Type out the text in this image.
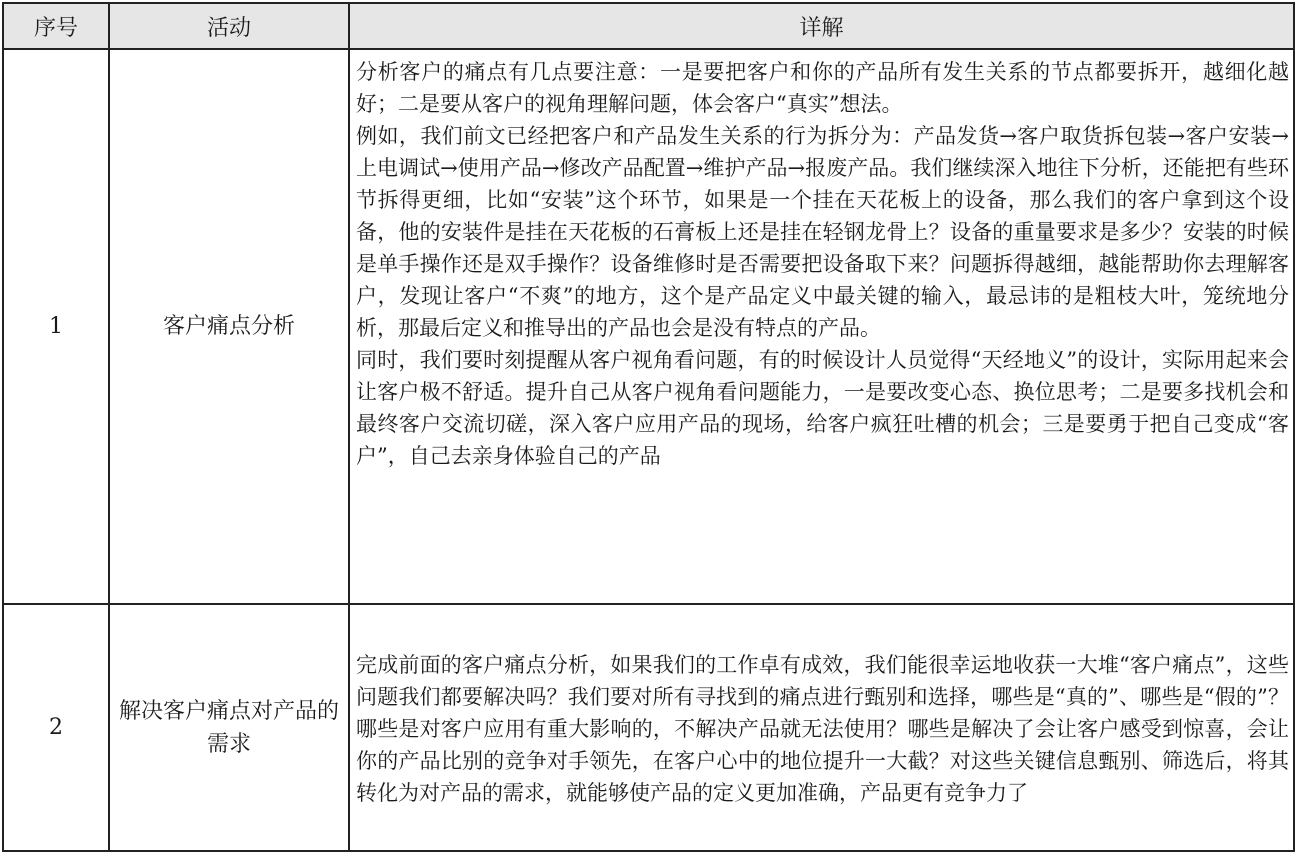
序号	活动	详解
1	客户痛点分析	分析客户的痛点有几点要注意：一是要把客户和你的产品所有发生关系的节点都要拆开，越细化越好；二是要从客户的视角理解问题，体会客户“真实”想法。

例如，我们前文已经把客户和产品发生关系的行为拆分为：产品发货→客户取货拆包装→客户安装→上电调试→使用产品→修改产品配置→维护产品→报废产品。我们继续深入地往下分析，还能把有些环节拆得更细，比如“安装”这个环节，如果是一个挂在天花板上的设备，那么我们的客户拿到这个设备，他的安装件是挂在天花板的石膏板上还是挂在轻钢龙骨上？设备的重量要求是多少？安装的时候是单手操作还是双手操作？设备维修时是否需要把设备取下来？问题拆得越细，越能帮助你去理解客户，发现让客户“不爽”的地方，这个是产品定义中最关键的输入，最忌讳的是粗枝大叶，笼统地分析，那最后定义和推导出的产品也会是没有特点的产品。

同时，我们要时刻提醒从客户视角看问题，有的时候设计人员觉得“天经地义”的设计，实际用起来会让客户极不舒适。提升自己从客户视角看问题能力，一是要改变心态、换位思考；二是要多找机会和最终客户交流切磋，深入客户应用产品的现场，给客户疯狂吐槽的机会；三是要勇于把自己变成“客户”，自己去亲身体验自己的产品

2	解决客户痛点对产品的需求	完成前面的客户痛点分析，如果我们的工作卓有成效，我们能很幸运地收获一大堆“客户痛点”，这些问题我们都要解决吗？我们要对所有寻找到的痛点进行甄别和选择，哪些是“真的”、哪些是“假的”？哪些是对客户应用有重大影响的，不解决产品就无法使用？哪些是解决了会让客户感受到惊喜，会让你的产品比别的竞争对手领先，在客户心中的地位提升一大截？对这些关键信息甄别、筛选后，将其转化为对产品的需求，就能够使产品的定义更加准确，产品更有竞争力了
